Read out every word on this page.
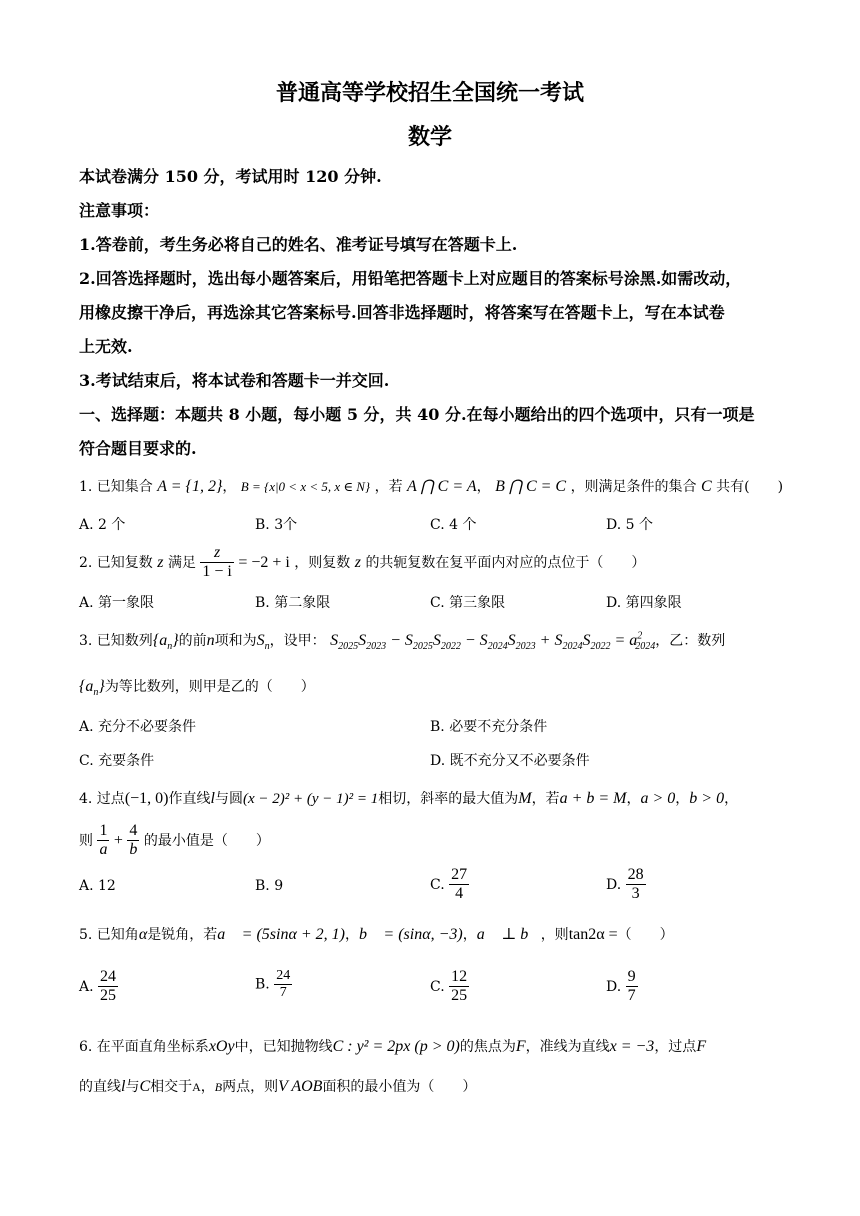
普通高等学校招生全国统一考试
数学
本试卷满分 150 分，考试用时 120 分钟.
注意事项：
1.答卷前，考生务必将自己的姓名、准考证号填写在答题卡上.
2.回答选择题时，选出每小题答案后，用铅笔把答题卡上对应题目的答案标号涂黑.如需改动，
用橡皮擦干净后，再选涂其它答案标号.回答非选择题时，将答案写在答题卡上，写在本试卷
上无效.
3.考试结束后，将本试卷和答题卡一并交回.
一、选择题：本题共 8 小题，每小题 5 分，共 40 分.在每小题给出的四个选项中，只有一项是
符合题目要求的.
1. 已知集合 A = {1, 2}， B = {x|0 < x < 5, x ∈ N} ，若 A ⋂ C = A， B ⋂ C = C ，则满足条件的集合 C 共有(　　)
A. 2 个	B. 3个	C. 4 个	D. 5 个
2. 已知复数 z 满足 $\frac{z}{1 - i} = -2 + i$ ，则复数 z 的共轭复数在复平面内对应的点位于（　　）
A. 第一象限	B. 第二象限	C. 第三象限	D. 第四象限
3. 已知数列$\{a_n\}$的前n项和为$S_n$，设甲： $S_{2025}S_{2023} - S_{2025}S_{2022} - S_{2024}S_{2023} + S_{2024}S_{2022} = a^2_{2024}$，乙：数列
$\{a_n\}$为等比数列，则甲是乙的（　　）
A. 充分不必要条件	B. 必要不充分条件
C. 充要条件	D. 既不充分又不必要条件
4. 过点(−1, 0)作直线l与圆(x − 2)² + (y − 1)² = 1相切，斜率的最大值为M，若a + b = M，a > 0，b > 0，
则 $\frac{1}{a} + \frac{4}{b}$ 的最小值是（　　）
A. 12	B. 9	C. $\frac{27}{4}$	D. $\frac{28}{3}$
5. 已知角α是锐角，若a⃗ = (5sinα + 2, 1)，b⃗ = (sinα, −3)，a⃗ ⊥ b⃗，则tan2α =（　　）
A. $\frac{24}{25}$	B. $\frac{24}{7}$	C. $\frac{12}{25}$	D. $\frac{9}{7}$
6. 在平面直角坐标系xOy中，已知抛物线C : y² = 2px (p > 0)的焦点为F，准线为直线x = −3，过点F
的直线l与C相交于A，B两点，则V AOB面积的最小值为（　　）
